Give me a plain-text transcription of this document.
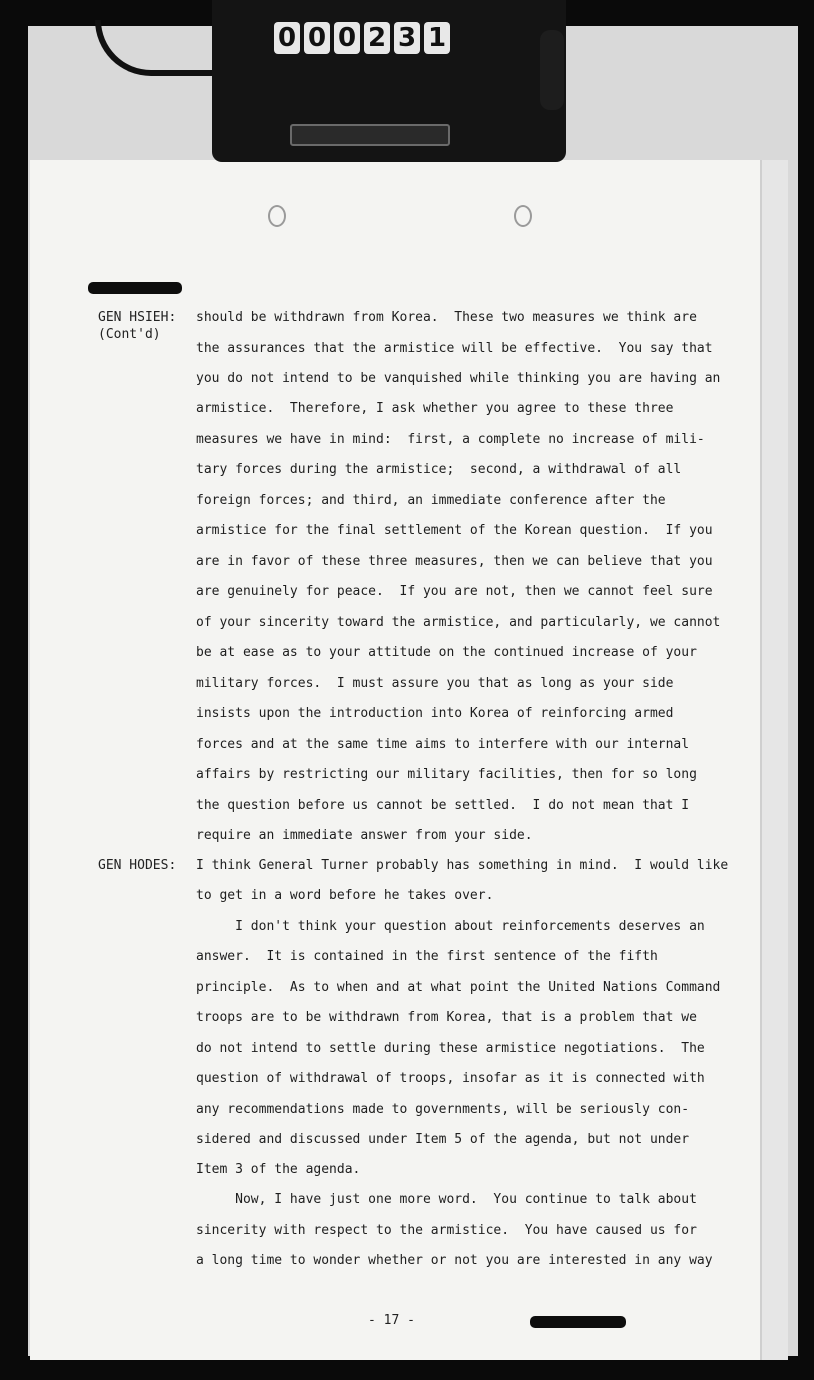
0 0 0 2 3 1
GEN HSIEH:
(Cont'd)
GEN HODES:
should be withdrawn from Korea.  These two measures we think are
the assurances that the armistice will be effective.  You say that
you do not intend to be vanquished while thinking you are having an
armistice.  Therefore, I ask whether you agree to these three
measures we have in mind:  first, a complete no increase of mili-
tary forces during the armistice;  second, a withdrawal of all
foreign forces; and third, an immediate conference after the
armistice for the final settlement of the Korean question.  If you
are in favor of these three measures, then we can believe that you
are genuinely for peace.  If you are not, then we cannot feel sure
of your sincerity toward the armistice, and particularly, we cannot
be at ease as to your attitude on the continued increase of your
military forces.  I must assure you that as long as your side
insists upon the introduction into Korea of reinforcing armed
forces and at the same time aims to interfere with our internal
affairs by restricting our military facilities, then for so long
the question before us cannot be settled.  I do not mean that I
require an immediate answer from your side.
I think General Turner probably has something in mind.  I would like
to get in a word before he takes over.
I don't think your question about reinforcements deserves an
answer.  It is contained in the first sentence of the fifth
principle.  As to when and at what point the United Nations Command
troops are to be withdrawn from Korea, that is a problem that we
do not intend to settle during these armistice negotiations.  The
question of withdrawal of troops, insofar as it is connected with
any recommendations made to governments, will be seriously con-
sidered and discussed under Item 5 of the agenda, but not under
Item 3 of the agenda.
Now, I have just one more word.  You continue to talk about
sincerity with respect to the armistice.  You have caused us for
a long time to wonder whether or not you are interested in any way
- 17 -
